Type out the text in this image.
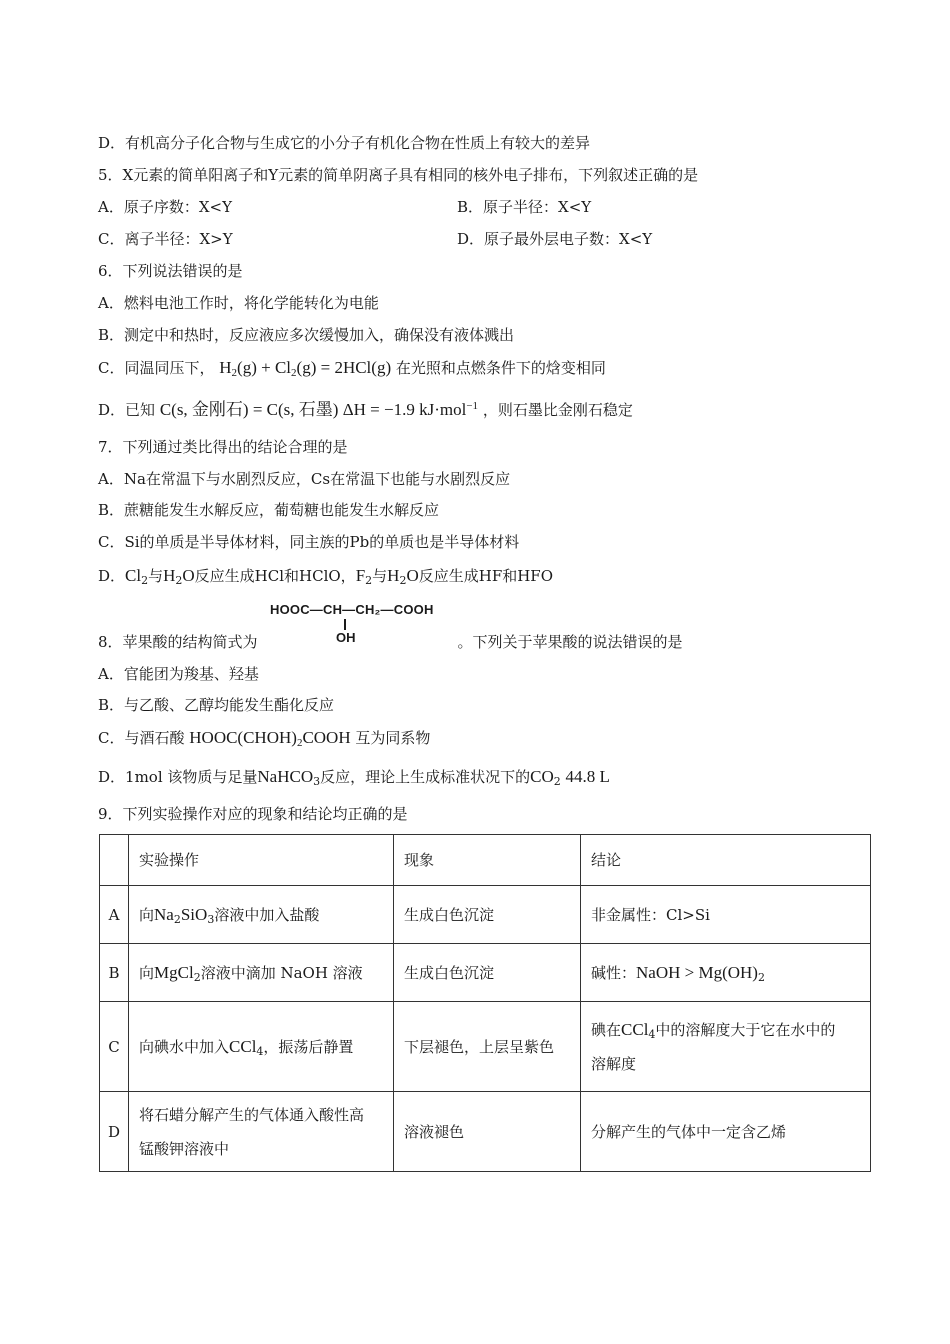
D．有机高分子化合物与生成它的小分子有机化合物在性质上有较大的差异
5．X元素的简单阳离子和Y元素的简单阴离子具有相同的核外电子排布，下列叙述正确的是
A．原子序数：X<Y	B．原子半径：X<Y
C．离子半径：X>Y	D．原子最外层电子数：X<Y
6．下列说法错误的是
A．燃料电池工作时，将化学能转化为电能
B．测定中和热时，反应液应多次缓慢加入，确保没有液体溅出
C．同温同压下， $H_2(g) + Cl_2(g) = 2HCl(g)$ 在光照和点燃条件下的焓变相同
D．已知 C(s, 金刚石) = C(s, 石墨) ΔH = −1.9 kJ·mol$^{-1}$ ，则石墨比金刚石稳定
7．下列通过类比得出的结论合理的是
A．Na在常温下与水剧烈反应，Cs在常温下也能与水剧烈反应
B．蔗糖能发生水解反应，葡萄糖也能发生水解反应
C．Si的单质是半导体材料，同主族的Pb的单质也是半导体材料
D．$Cl_2$与$H_2O$反应生成HCl和HClO，$F_2$与$H_2O$反应生成HF和HFO
HOOC—CH—CH₂—COOH
OH
8．苹果酸的结构简式为	。下列关于苹果酸的说法错误的是
A．官能团为羧基、羟基
B．与乙酸、乙醇均能发生酯化反应
C．与酒石酸 $HOOC(CHOH)_2COOH$ 互为同系物
D．1mol 该物质与足量NaHCO$_3$反应，理论上生成标准状况下的$CO_2$ 44.8 L
9．下列实验操作对应的现象和结论均正确的是
	实验操作	现象	结论
A	向$Na_2SiO_3$溶液中加入盐酸	生成白色沉淀	非金属性：Cl>Si
B	向MgCl$_2$溶液中滴加 NaOH 溶液	生成白色沉淀	碱性：NaOH > $Mg(OH)_2$
C	向碘水中加入CCl$_4$，振荡后静置	下层褪色，上层呈紫色	碘在CCl$_4$中的溶解度大于它在水中的
溶解度

D	将石蜡分解产生的气体通入酸性高
锰酸钾溶液中	溶液褪色	分解产生的气体中一定含乙烯
